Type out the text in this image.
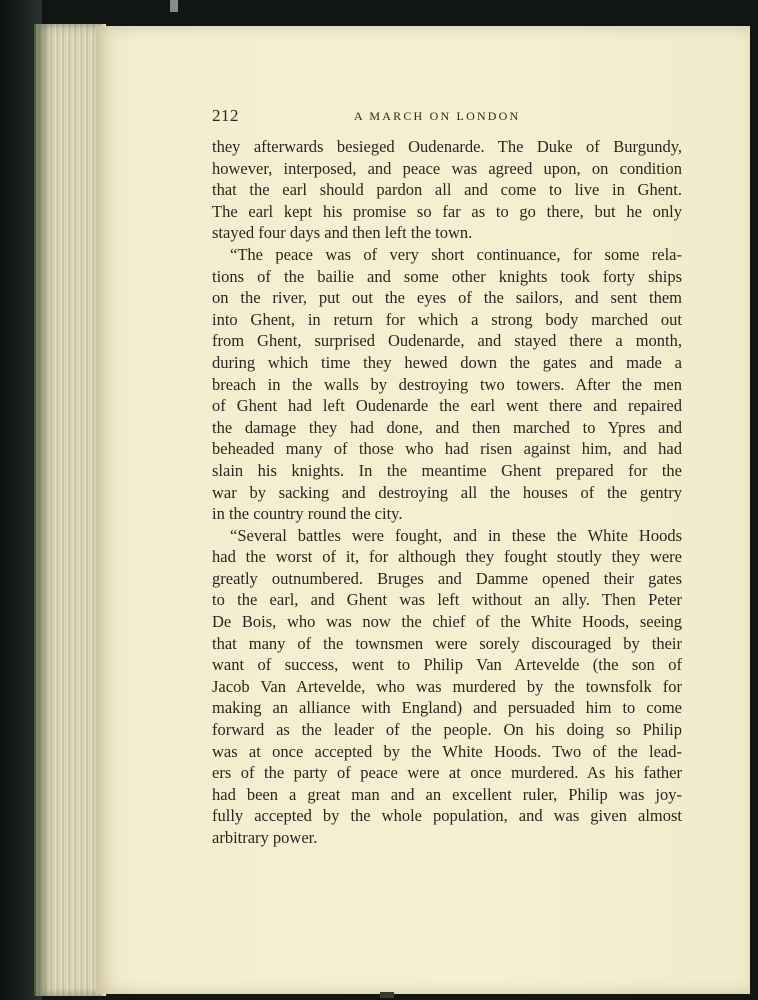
212	A MARCH ON LONDON
they afterwards besieged Oudenarde. The Duke of Burgundy,
however, interposed, and peace was agreed upon, on condition
that the earl should pardon all and come to live in Ghent.
The earl kept his promise so far as to go there, but he only
stayed four days and then left the town.
“The peace was of very short continuance, for some rela-
tions of the bailie and some other knights took forty ships
on the river, put out the eyes of the sailors, and sent them
into Ghent, in return for which a strong body marched out
from Ghent, surprised Oudenarde, and stayed there a month,
during which time they hewed down the gates and made a
breach in the walls by destroying two towers. After the men
of Ghent had left Oudenarde the earl went there and repaired
the damage they had done, and then marched to Ypres and
beheaded many of those who had risen against him, and had
slain his knights. In the meantime Ghent prepared for the
war by sacking and destroying all the houses of the gentry
in the country round the city.
“Several battles were fought, and in these the White Hoods
had the worst of it, for although they fought stoutly they were
greatly outnumbered. Bruges and Damme opened their gates
to the earl, and Ghent was left without an ally. Then Peter
De Bois, who was now the chief of the White Hoods, seeing
that many of the townsmen were sorely discouraged by their
want of success, went to Philip Van Artevelde (the son of
Jacob Van Artevelde, who was murdered by the townsfolk for
making an alliance with England) and persuaded him to come
forward as the leader of the people. On his doing so Philip
was at once accepted by the White Hoods. Two of the lead-
ers of the party of peace were at once murdered. As his father
had been a great man and an excellent ruler, Philip was joy-
fully accepted by the whole population, and was given almost
arbitrary power.
